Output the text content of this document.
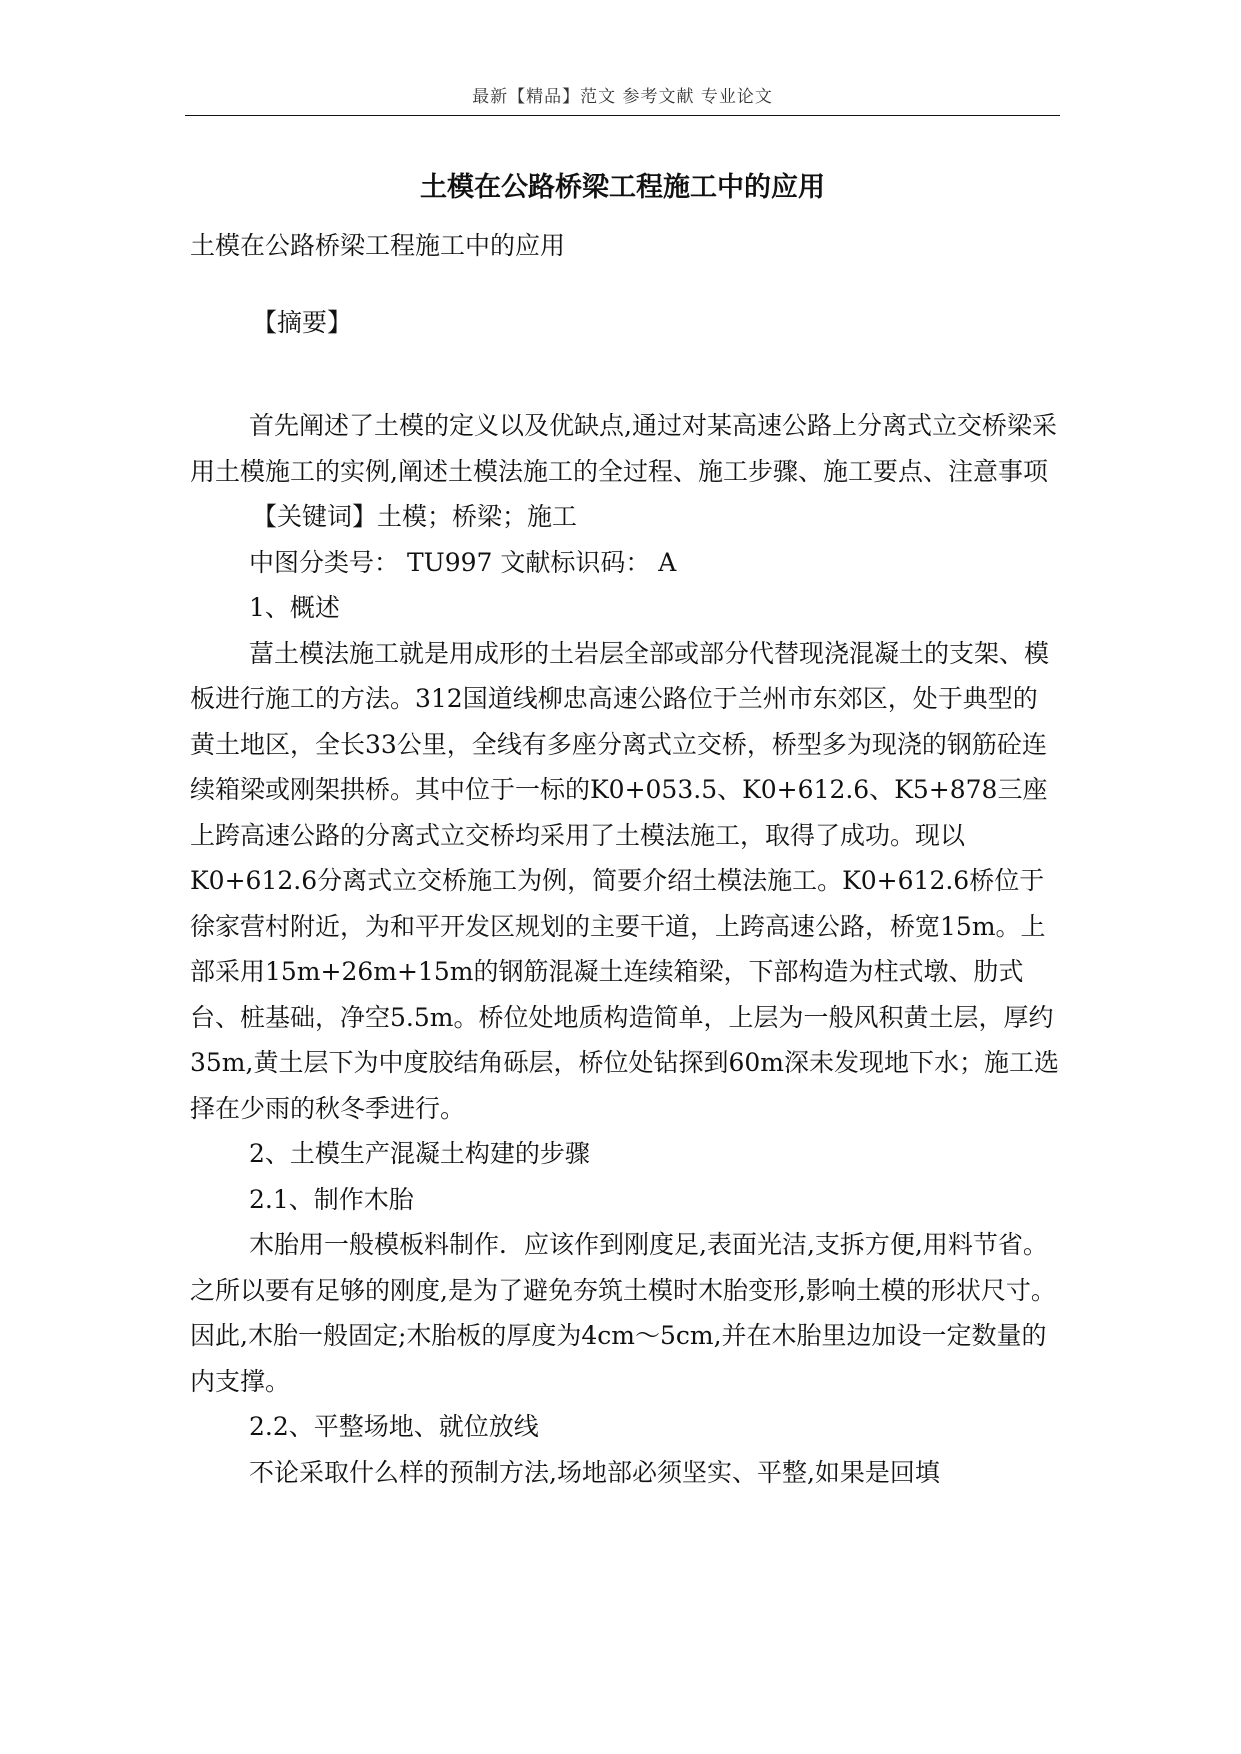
最新【精品】范文 参考文献 专业论文
土模在公路桥梁工程施工中的应用

土模在公路桥梁工程施工中的应用

【摘要】

首先阐述了土模的定义以及优缺点,通过对某高速公路上分离式立交桥梁采用土模施工的实例,阐述土模法施工的全过程、施工步骤、施工要点、注意事项

【关键词】土模；桥梁；施工

中图分类号： TU997 文献标识码： A

1、概述

葍土模法施工就是用成形的土岩层全部或部分代替现浇混凝土的支架、模板进行施工的方法。312国道线柳忠高速公路位于兰州市东郊区，处于典型的黄土地区，全长33公里，全线有多座分离式立交桥，桥型多为现浇的钢筋砼连续箱梁或刚架拱桥。其中位于一标的K0+053.5、K0+612.6、K5+878三座上跨高速公路的分离式立交桥均采用了土模法施工，取得了成功。现以K0+612.6分离式立交桥施工为例，简要介绍土模法施工。K0+612.6桥位于徐家营村附近，为和平开发区规划的主要干道，上跨高速公路，桥宽15m。上部采用15m+26m+15m的钢筋混凝土连续箱梁，下部构造为柱式墩、肋式台、桩基础，净空5.5m。桥位处地质构造简单，上层为一般风积黄土层，厚约35m,黄土层下为中度胶结角砾层，桥位处钻探到60m深未发现地下水；施工选择在少雨的秋冬季进行。

2、土模生产混凝土构建的步骤

2.1、制作木胎

木胎用一般模板料制作．应该作到刚度足,表面光洁,支拆方便,用料节省。之所以要有足够的刚度,是为了避免夯筑土模时木胎变形,影响土模的形状尺寸。因此,木胎一般固定;木胎板的厚度为4cm～5cm,并在木胎里边加设一定数量的内支撑。

2.2、平整场地、就位放线

不论采取什么样的预制方法,场地部必须坚实、平整,如果是回填
